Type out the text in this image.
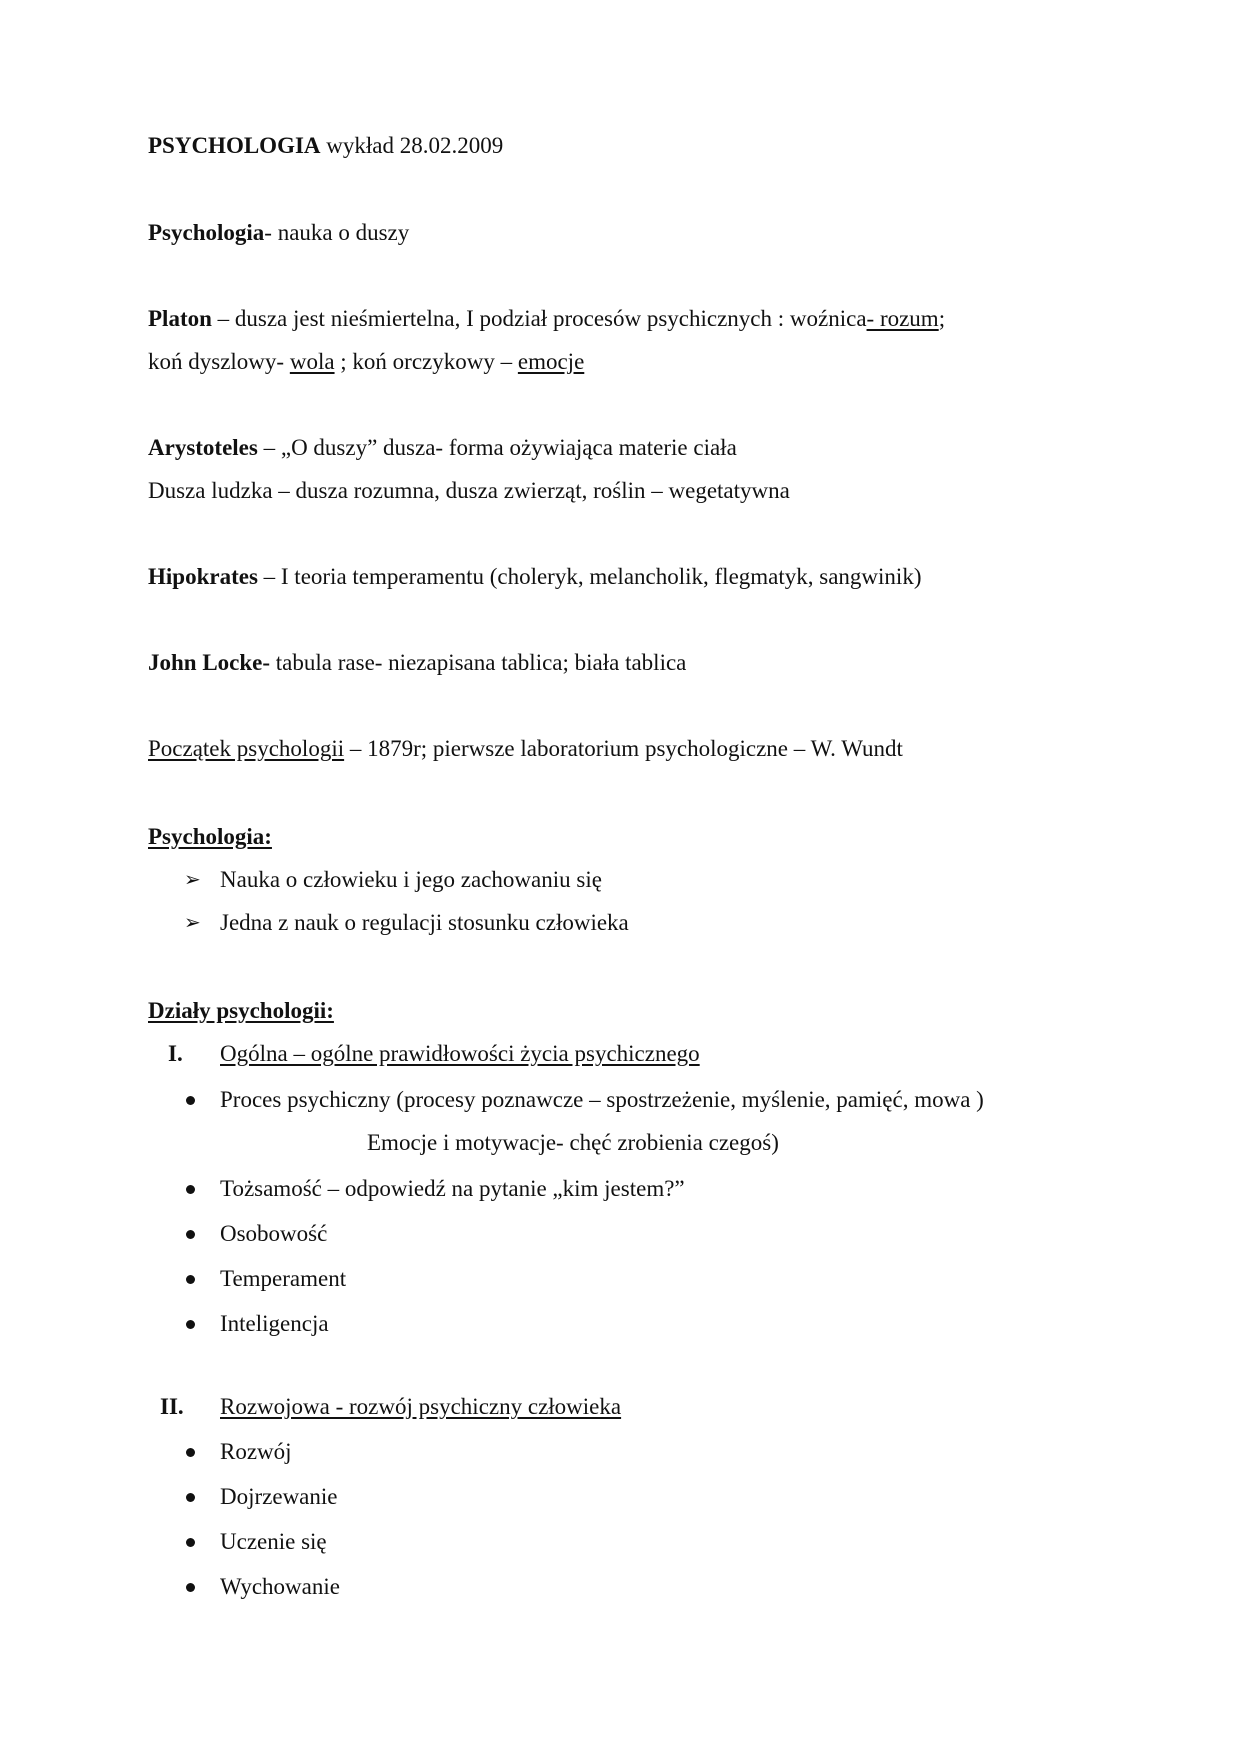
PSYCHOLOGIA wykład 28.02.2009
Psychologia- nauka o duszy
Platon – dusza jest nieśmiertelna, I podział procesów psychicznych : woźnica- rozum;
koń dyszlowy- wola ; koń orczykowy – emocje
Arystoteles – „O duszy” dusza- forma ożywiająca materie ciała
Dusza ludzka – dusza rozumna, dusza zwierząt, roślin – wegetatywna
Hipokrates – I teoria temperamentu (choleryk, melancholik, flegmatyk, sangwinik)
John Locke- tabula rase- niezapisana tablica; biała tablica
Początek psychologii – 1879r; pierwsze laboratorium psychologiczne – W. Wundt
Psychologia:
➢ Nauka o człowieku i jego zachowaniu się
➢ Jedna z nauk o regulacji stosunku człowieka
Działy psychologii:
I. Ogólna – ogólne prawidłowości życia psychicznego
Proces psychiczny (procesy poznawcze – spostrzeżenie, myślenie, pamięć, mowa )
Emocje i motywacje- chęć zrobienia czegoś)
Tożsamość – odpowiedź na pytanie „kim jestem?”
Osobowość
Temperament
Inteligencja
II. Rozwojowa - rozwój psychiczny człowieka
Rozwój
Dojrzewanie
Uczenie się
Wychowanie
